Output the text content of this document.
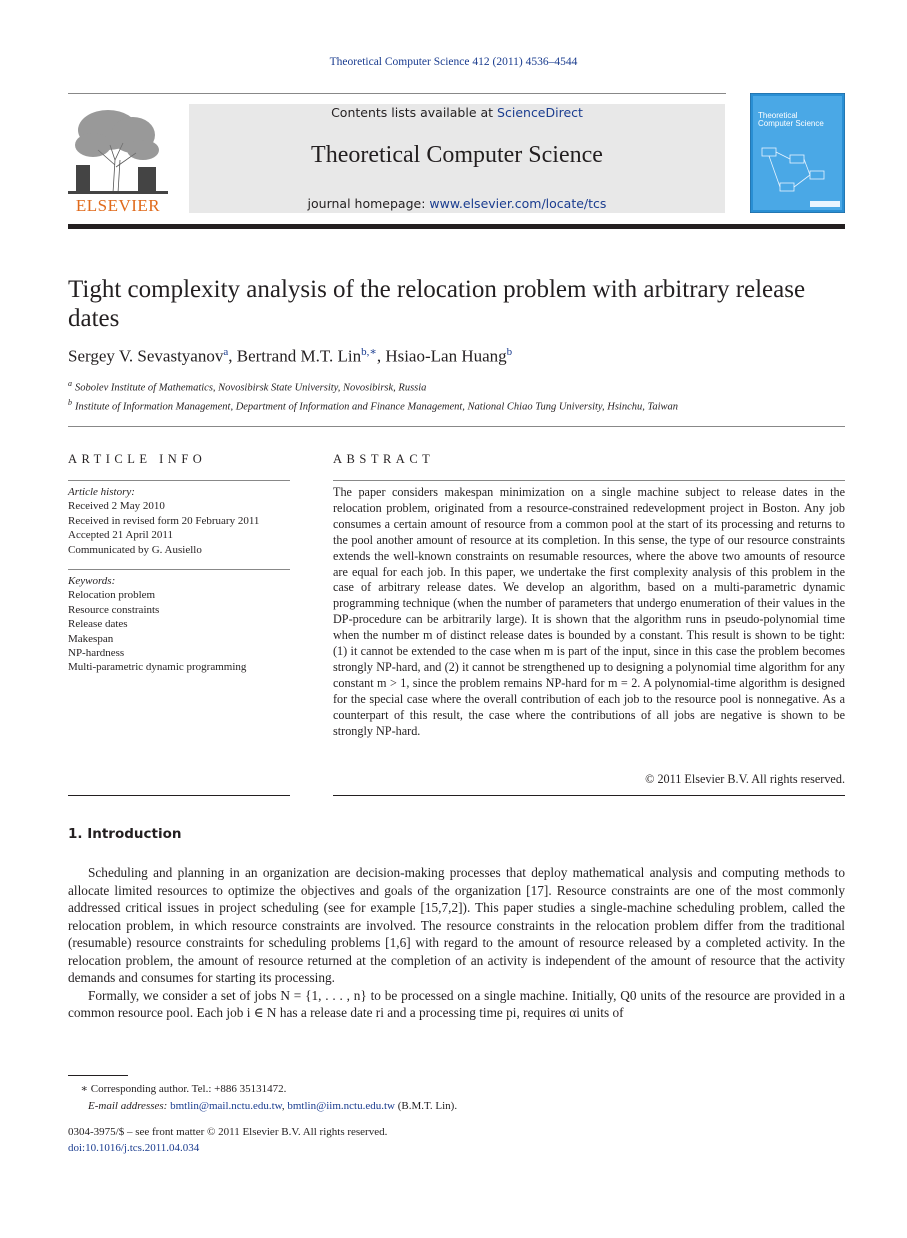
Theoretical Computer Science 412 (2011) 4536–4544
ELSEVIER
Contents lists available at ScienceDirect
Theoretical Computer Science
journal homepage: www.elsevier.com/locate/tcs
Theoretical
Computer Science
Tight complexity analysis of the relocation problem with arbitrary release dates
Sergey V. Sevastyanov$^a$, Bertrand M.T. Lin$^{b,∗}$, Hsiao-Lan Huang$^b$
$^a$ Sobolev Institute of Mathematics, Novosibirsk State University, Novosibirsk, Russia
$^b$ Institute of Information Management, Department of Information and Finance Management, National Chiao Tung University, Hsinchu, Taiwan
ARTICLE INFO	ABSTRACT
Article history:
Received 2 May 2010
Received in revised form 20 February 2011
Accepted 21 April 2011
Communicated by G. Ausiello
Keywords:
Relocation problem
Resource constraints
Release dates
Makespan
NP-hardness
Multi-parametric dynamic programming
The paper considers makespan minimization on a single machine subject to release dates in the relocation problem, originated from a resource-constrained redevelopment project in Boston. Any job consumes a certain amount of resource from a common pool at the start of its processing and returns to the pool another amount of resource at its completion. In this sense, the type of our resource constraints extends the well-known constraints on resumable resources, where the above two amounts of resource are equal for each job. In this paper, we undertake the first complexity analysis of this problem in the case of arbitrary release dates. We develop an algorithm, based on a multi-parametric dynamic programming technique (when the number of parameters that undergo enumeration of their values in the DP-procedure can be arbitrarily large). It is shown that the algorithm runs in pseudo-polynomial time when the number m of distinct release dates is bounded by a constant. This result is shown to be tight: (1) it cannot be extended to the case when m is part of the input, since in this case the problem becomes strongly NP-hard, and (2) it cannot be strengthened up to designing a polynomial time algorithm for any constant m > 1, since the problem remains NP-hard for m = 2. A polynomial-time algorithm is designed for the special case where the overall contribution of each job to the resource pool is nonnegative. As a counterpart of this result, the case where the contributions of all jobs are negative is shown to be strongly NP-hard.
© 2011 Elsevier B.V. All rights reserved.
1. Introduction

Scheduling and planning in an organization are decision-making processes that deploy mathematical analysis and computing methods to allocate limited resources to optimize the objectives and goals of the organization [17]. Resource constraints are one of the most commonly addressed critical issues in project scheduling (see for example [15,7,2]). This paper studies a single-machine scheduling problem, called the relocation problem, in which resource constraints are involved. The resource constraints in the relocation problem differ from the traditional (resumable) resource constraints for scheduling problems [1,6] with regard to the amount of resource released by a completed activity. In the relocation problem, the amount of resource returned at the completion of an activity is independent of the amount of resource that the activity demands and consumes for starting its processing.

Formally, we consider a set of jobs N = {1, . . . , n} to be processed on a single machine. Initially, Q0 units of the resource are provided in a common resource pool. Each job i ∈ N has a release date ri and a processing time pi, requires αi units of

∗ Corresponding author. Tel.: +886 35131472.
E-mail addresses: bmtlin@mail.nctu.edu.tw, bmtlin@iim.nctu.edu.tw (B.M.T. Lin).
0304-3975/$ – see front matter © 2011 Elsevier B.V. All rights reserved.
doi:10.1016/j.tcs.2011.04.034
